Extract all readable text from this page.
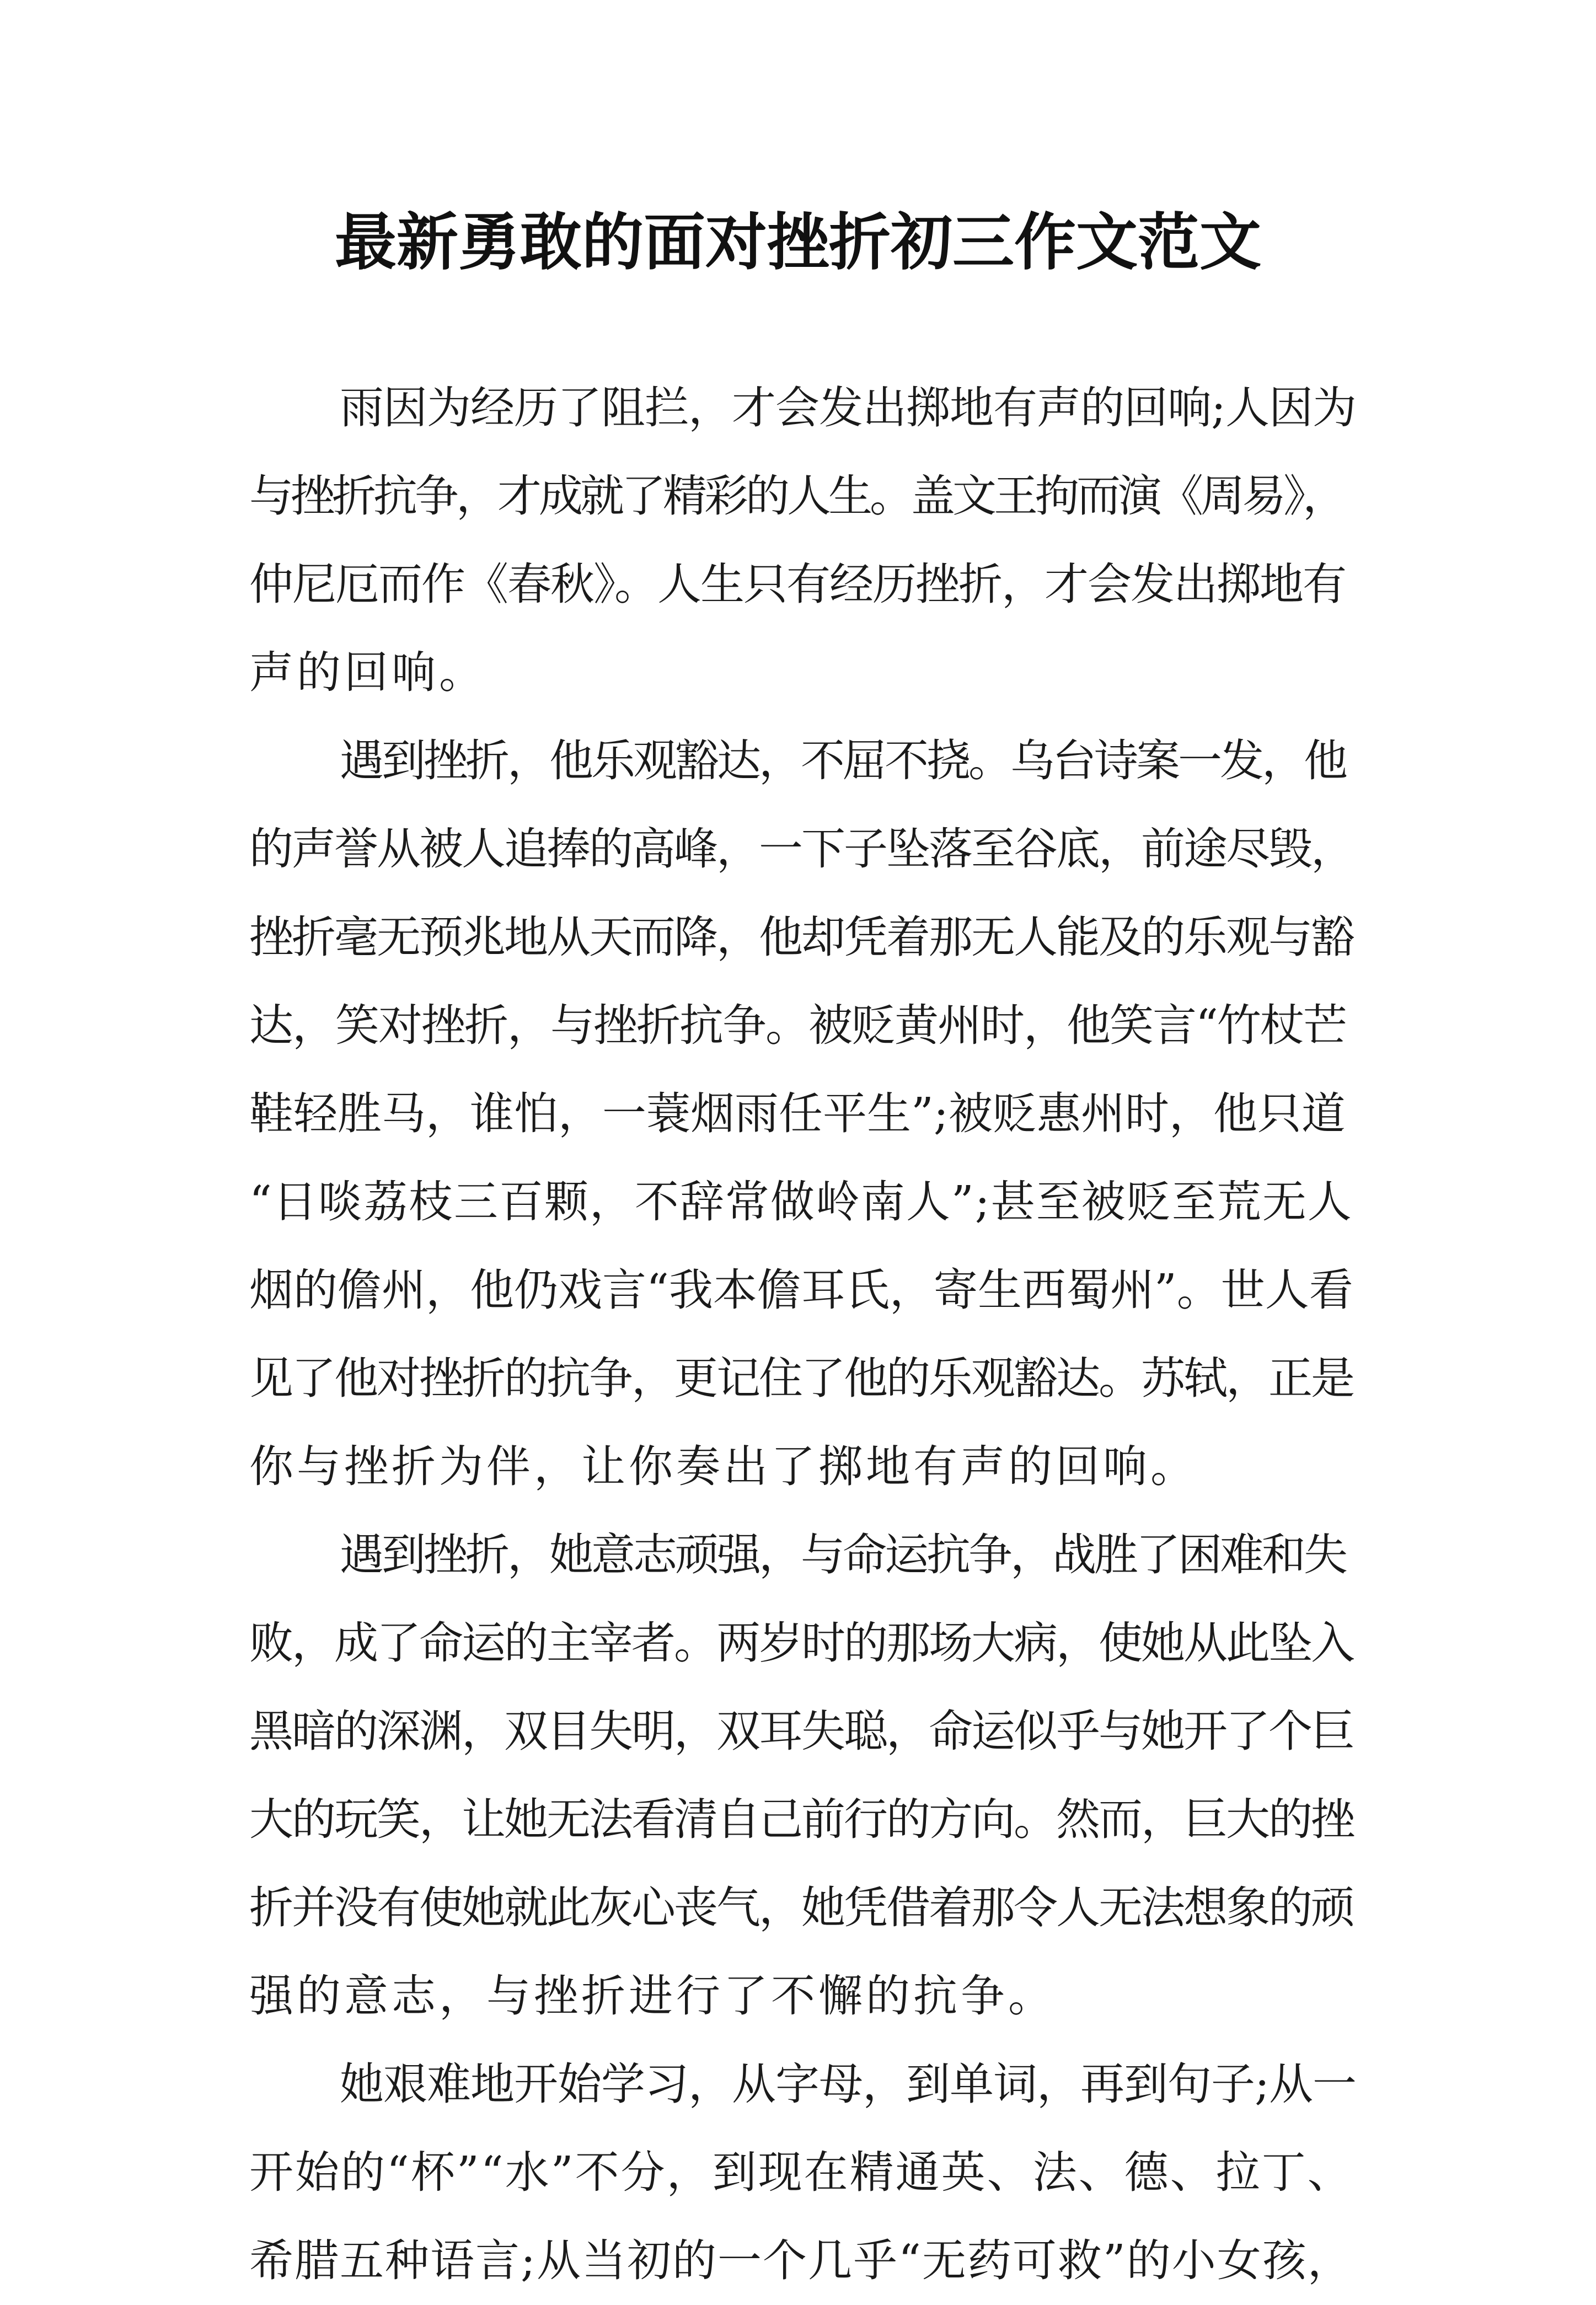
最新勇敢的面对挫折初三作文范文
雨因为经历了阻拦，才会发出掷地有声的回响;人因为
与挫折抗争，才成就了精彩的人生。盖文王拘而演《周易》，
仲尼厄而作《春秋》。人生只有经历挫折，才会发出掷地有
声的回响。
遇到挫折，他乐观豁达，不屈不挠。乌台诗案一发，他
的声誉从被人追捧的高峰，一下子坠落至谷底，前途尽毁，
挫折毫无预兆地从天而降，他却凭着那无人能及的乐观与豁
达，笑对挫折，与挫折抗争。被贬黄州时，他笑言“竹杖芒
鞋轻胜马，谁怕，一蓑烟雨任平生”;被贬惠州时，他只道
“日啖荔枝三百颗，不辞常做岭南人”;甚至被贬至荒无人
烟的儋州，他仍戏言“我本儋耳氏，寄生西蜀州”。世人看
见了他对挫折的抗争，更记住了他的乐观豁达。苏轼，正是
你与挫折为伴，让你奏出了掷地有声的回响。
遇到挫折，她意志顽强，与命运抗争，战胜了困难和失
败，成了命运的主宰者。两岁时的那场大病，使她从此坠入
黑暗的深渊，双目失明，双耳失聪，命运似乎与她开了个巨
大的玩笑，让她无法看清自己前行的方向。然而，巨大的挫
折并没有使她就此灰心丧气，她凭借着那令人无法想象的顽
强的意志，与挫折进行了不懈的抗争。
她艰难地开始学习，从字母，到单词，再到句子;从一
开始的“杯”“水”不分，到现在精通英、法、德、拉丁、
希腊五种语言;从当初的一个几乎“无药可救”的小女孩，
